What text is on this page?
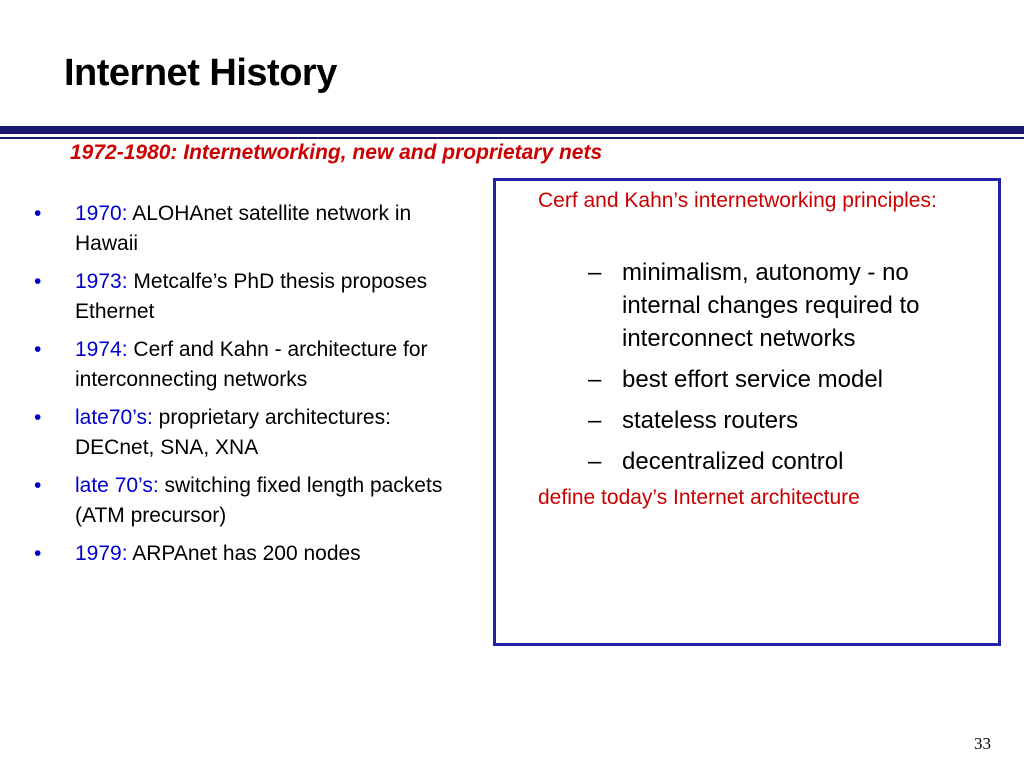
Internet History
1972-1980: Internetworking, new and proprietary nets
• 1970: ALOHAnet satellite network in Hawaii
• 1973: Metcalfe’s PhD thesis proposes Ethernet
• 1974: Cerf and Kahn - architecture for interconnecting networks
• late70’s: proprietary architectures: DECnet, SNA, XNA
• late 70’s: switching fixed length packets (ATM precursor)
• 1979: ARPAnet has 200 nodes
Cerf and Kahn’s internetworking principles:
– minimalism, autonomy - no internal changes required to interconnect networks
– best effort service model
– stateless routers
– decentralized control
define today’s Internet architecture
33
